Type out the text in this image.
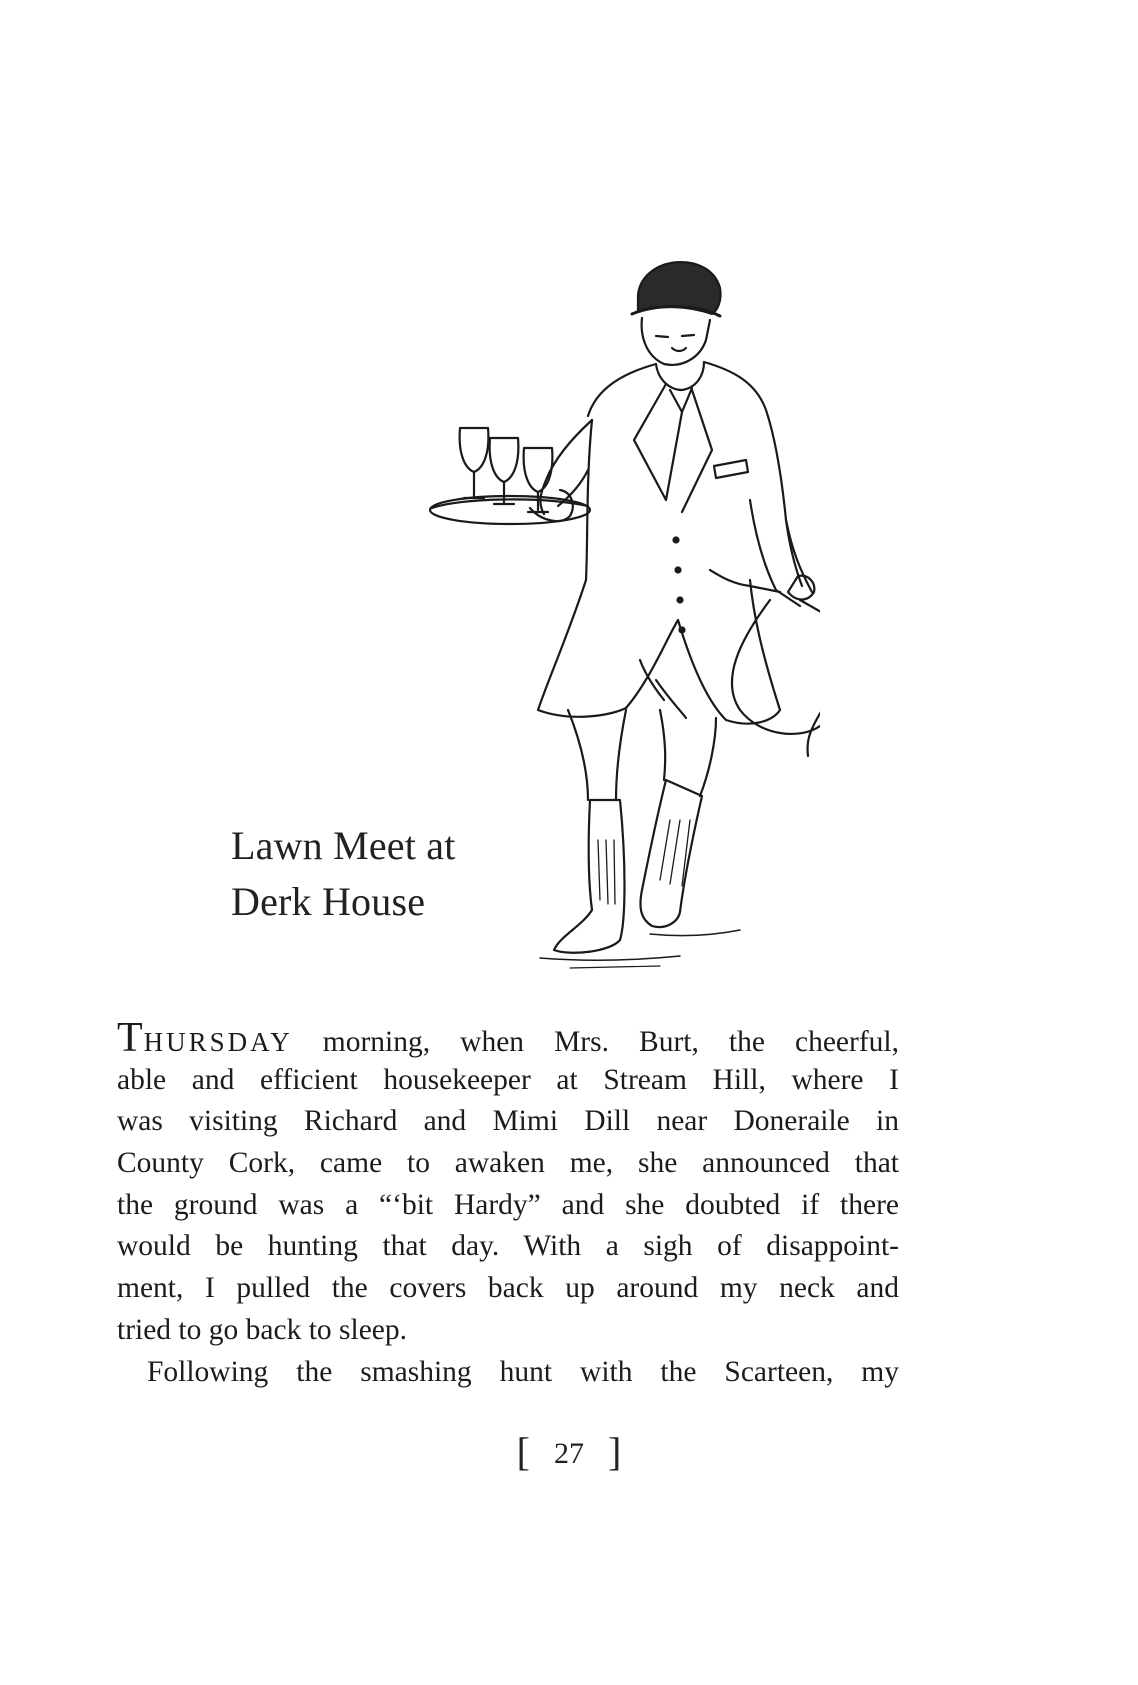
Lawn Meet at
Derk House
THURSDAY morning, when Mrs. Burt, the cheerful,
able and efficient housekeeper at Stream Hill, where I
was visiting Richard and Mimi Dill near Doneraile in
County Cork, came to awaken me, she announced that
the ground was a “‘bit Hardy” and she doubted if there
would be hunting that day. With a sigh of disappoint-
ment, I pulled the covers back up around my neck and
tried to go back to sleep.
Following the smashing hunt with the Scarteen, my
[ 27 ]
